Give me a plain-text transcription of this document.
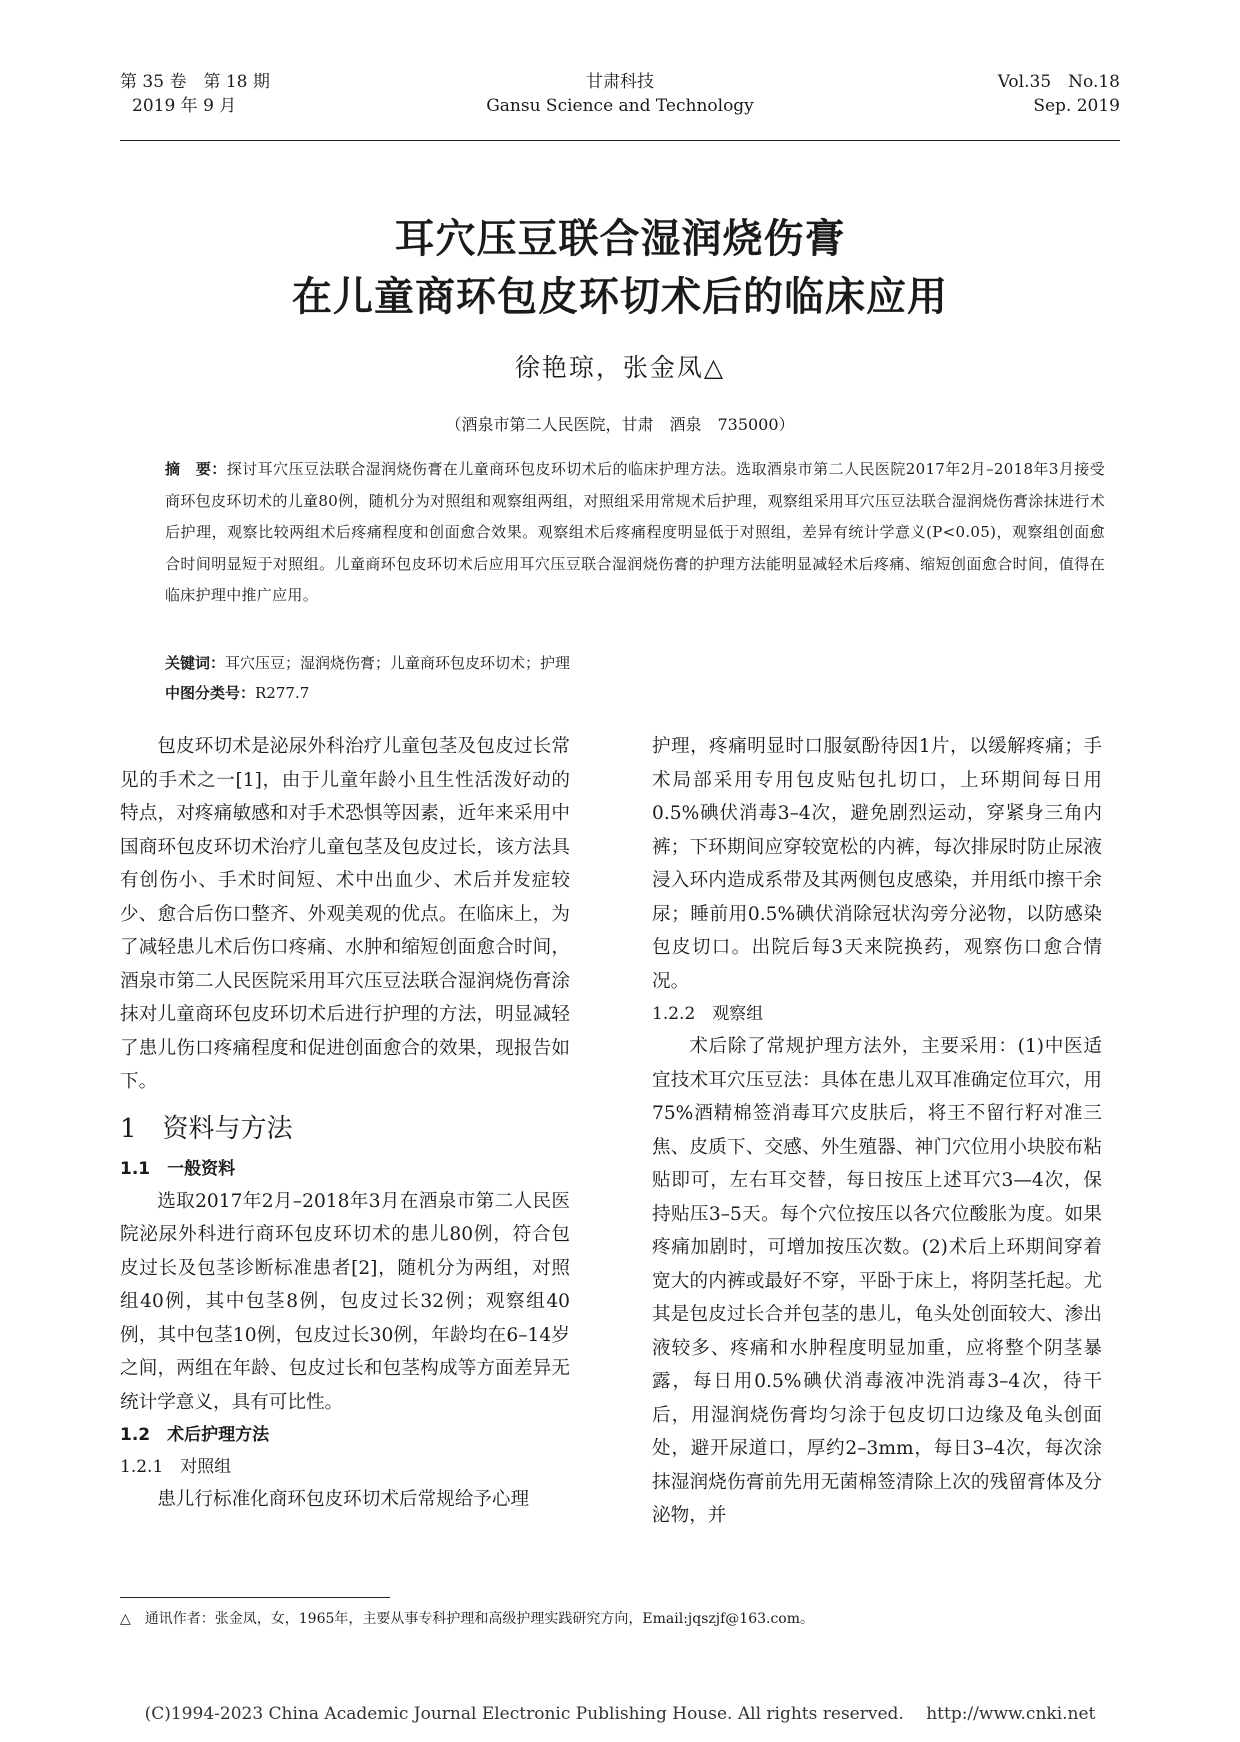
第 35 卷　第 18 期
2019 年 9 月
甘肃科技
Gansu Science and Technology
Vol.35　No.18
Sep. 2019
耳穴压豆联合湿润烧伤膏
在儿童商环包皮环切术后的临床应用
徐艳琼，张金凤△
（酒泉市第二人民医院，甘肃　酒泉　735000）
摘　要：探讨耳穴压豆法联合湿润烧伤膏在儿童商环包皮环切术后的临床护理方法。选取酒泉市第二人民医院2017年2月–2018年3月接受商环包皮环切术的儿童80例，随机分为对照组和观察组两组，对照组采用常规术后护理，观察组采用耳穴压豆法联合湿润烧伤膏涂抹进行术后护理，观察比较两组术后疼痛程度和创面愈合效果。观察组术后疼痛程度明显低于对照组，差异有统计学意义(P<0.05)，观察组创面愈合时间明显短于对照组。儿童商环包皮环切术后应用耳穴压豆联合湿润烧伤膏的护理方法能明显减轻术后疼痛、缩短创面愈合时间，值得在临床护理中推广应用。
关键词：耳穴压豆；湿润烧伤膏；儿童商环包皮环切术；护理
中图分类号：R277.7

包皮环切术是泌尿外科治疗儿童包茎及包皮过长常见的手术之一[1]，由于儿童年龄小且生性活泼好动的特点，对疼痛敏感和对手术恐惧等因素，近年来采用中国商环包皮环切术治疗儿童包茎及包皮过长，该方法具有创伤小、手术时间短、术中出血少、术后并发症较少、愈合后伤口整齐、外观美观的优点。在临床上，为了减轻患儿术后伤口疼痛、水肿和缩短创面愈合时间，酒泉市第二人民医院采用耳穴压豆法联合湿润烧伤膏涂抹对儿童商环包皮环切术后进行护理的方法，明显减轻了患儿伤口疼痛程度和促进创面愈合的效果，现报告如下。

1　资料与方法

1.1　一般资料

选取2017年2月–2018年3月在酒泉市第二人民医院泌尿外科进行商环包皮环切术的患儿80例，符合包皮过长及包茎诊断标准患者[2]，随机分为两组，对照组40例，其中包茎8例，包皮过长32例；观察组40例，其中包茎10例，包皮过长30例，年龄均在6–14岁之间，两组在年龄、包皮过长和包茎构成等方面差异无统计学意义，具有可比性。

1.2　术后护理方法

1.2.1　对照组

患儿行标准化商环包皮环切术后常规给予心理

护理，疼痛明显时口服氨酚待因1片，以缓解疼痛；手术局部采用专用包皮贴包扎切口，上环期间每日用0.5%碘伏消毒3–4次，避免剧烈运动，穿紧身三角内裤；下环期间应穿较宽松的内裤，每次排尿时防止尿液浸入环内造成系带及其两侧包皮感染，并用纸巾擦干余尿；睡前用0.5%碘伏消除冠状沟旁分泌物，以防感染包皮切口。出院后每3天来院换药，观察伤口愈合情况。

1.2.2　观察组

术后除了常规护理方法外，主要采用：(1)中医适宜技术耳穴压豆法：具体在患儿双耳准确定位耳穴，用75%酒精棉签消毒耳穴皮肤后，将王不留行籽对准三焦、皮质下、交感、外生殖器、神门穴位用小块胶布粘贴即可，左右耳交替，每日按压上述耳穴3—4次，保持贴压3–5天。每个穴位按压以各穴位酸胀为度。如果疼痛加剧时，可增加按压次数。(2)术后上环期间穿着宽大的内裤或最好不穿，平卧于床上，将阴茎托起。尤其是包皮过长合并包茎的患儿，龟头处创面较大、渗出液较多、疼痛和水肿程度明显加重，应将整个阴茎暴露，每日用0.5%碘伏消毒液冲洗消毒3–4次，待干后，用湿润烧伤膏均匀涂于包皮切口边缘及龟头创面处，避开尿道口，厚约2–3mm，每日3–4次，每次涂抹湿润烧伤膏前先用无菌棉签清除上次的残留膏体及分泌物，并

△　通讯作者：张金凤，女，1965年，主要从事专科护理和高级护理实践研究方向，Email:jqszjf@163.com。
(C)1994-2023 China Academic Journal Electronic Publishing House. All rights reserved.　 http://www.cnki.net
